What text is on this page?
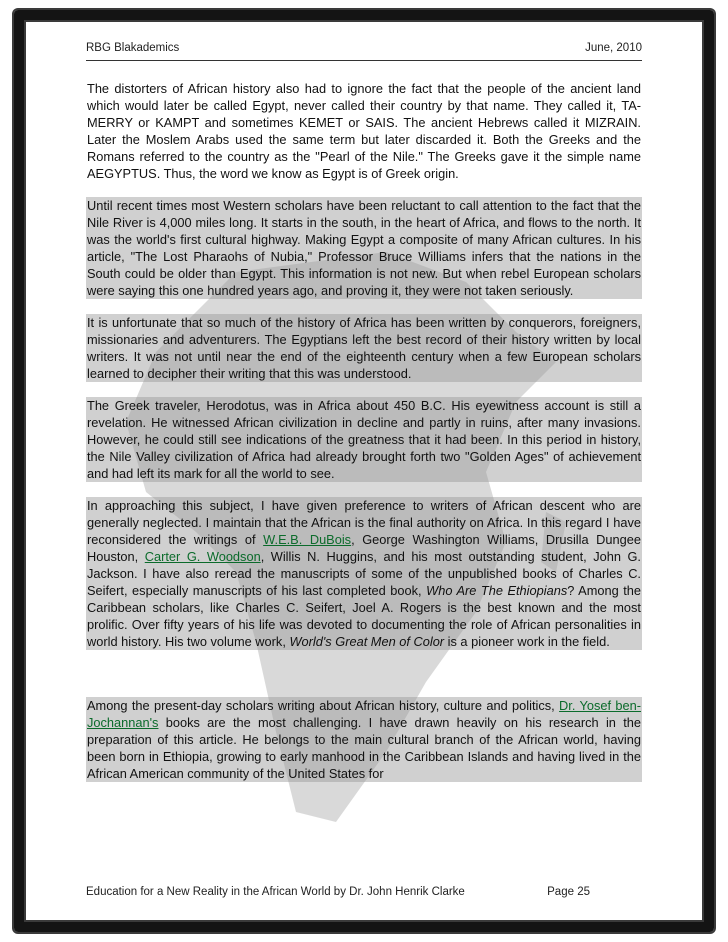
RBG Blakademics	June, 2010

The distorters of African history also had to ignore the fact that the people of the ancient land which would later be called Egypt, never called their country by that name. They called it, TA-MERRY or KAMPT and sometimes KEMET or SAIS. The ancient Hebrews called it MIZRAIN. Later the Moslem Arabs used the same term but later discarded it. Both the Greeks and the Romans referred to the country as the "Pearl of the Nile." The Greeks gave it the simple name AEGYPTUS. Thus, the word we know as Egypt is of Greek origin.

Until recent times most Western scholars have been reluctant to call attention to the fact that the Nile River is 4,000 miles long. It starts in the south, in the heart of Africa, and flows to the north. It was the world's first cultural highway. Making Egypt a composite of many African cultures. In his article, "The Lost Pharaohs of Nubia," Professor Bruce Williams infers that the nations in the South could be older than Egypt. This information is not new. But when rebel European scholars were saying this one hundred years ago, and proving it, they were not taken seriously.

It is unfortunate that so much of the history of Africa has been written by conquerors, foreigners, missionaries and adventurers. The Egyptians left the best record of their history written by local writers. It was not until near the end of the eighteenth century when a few European scholars learned to decipher their writing that this was understood.

The Greek traveler, Herodotus, was in Africa about 450 B.C. His eyewitness account is still a revelation. He witnessed African civilization in decline and partly in ruins, after many invasions. However, he could still see indications of the greatness that it had been. In this period in history, the Nile Valley civilization of Africa had already brought forth two "Golden Ages" of achievement and had left its mark for all the world to see.

In approaching this subject, I have given preference to writers of African descent who are generally neglected. I maintain that the African is the final authority on Africa. In this regard I have reconsidered the writings of W.E.B. DuBois, George Washington Williams, Drusilla Dungee Houston, Carter G. Woodson, Willis N. Huggins, and his most outstanding student, John G. Jackson. I have also reread the manuscripts of some of the unpublished books of Charles C. Seifert, especially manuscripts of his last completed book, Who Are The Ethiopians? Among the Caribbean scholars, like Charles C. Seifert, Joel A. Rogers is the best known and the most prolific. Over fifty years of his life was devoted to documenting the role of African personalities in world history. His two volume work, World's Great Men of Color is a pioneer work in the field.

Among the present-day scholars writing about African history, culture and politics, Dr. Yosef ben-Jochannan's books are the most challenging. I have drawn heavily on his research in the preparation of this article. He belongs to the main cultural branch of the African world, having been born in Ethiopia, growing to early manhood in the Caribbean Islands and having lived in the African American community of the United States for

Education for a New Reality in the African World by Dr. John Henrik Clarke	Page 25
